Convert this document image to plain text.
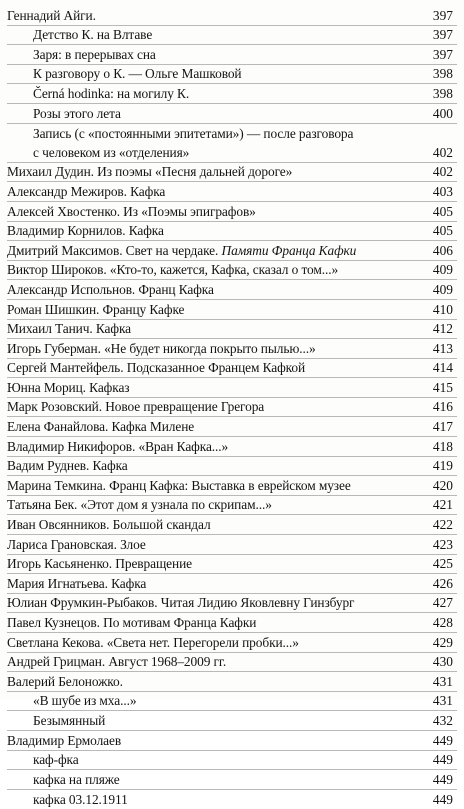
Геннадий Айги.	397
Детство К. на Влтаве	397
Заря: в перерывах сна	397
К разговору о К. — Ольге Машковой	398
Černá hodinka: на могилу К.	398
Розы этого лета	400
Запись (с «постоянными эпитетами») — после разговора
с человеком из «отделения»	402
Михаил Дудин. Из поэмы «Песня дальней дороге»	402
Александр Межиров. Кафка	403
Алексей Хвостенко. Из «Поэмы эпиграфов»	405
Владимир Корнилов. Кафка	405
Дмитрий Максимов. Свет на чердаке. Памяти Франца Кафки	406
Виктор Широков. «Кто-то, кажется, Кафка, сказал о том...»	409
Александр Испольнов. Франц Кафка	409
Роман Шишкин. Францу Кафке	410
Михаил Танич. Кафка	412
Игорь Губерман. «Не будет никогда покрыто пылью...»	413
Сергей Мантейфель. Подсказанное Францем Кафкой	414
Юнна Мориц. Кафказ	415
Марк Розовский. Новое превращение Грегора	416
Елена Фанайлова. Кафка Милене	417
Владимир Никифоров. «Вран Кафка...»	418
Вадим Руднев. Кафка	419
Марина Темкина. Франц Кафка: Выставка в еврейском музее	420
Татьяна Бек. «Этот дом я узнала по скрипам...»	421
Иван Овсянников. Большой скандал	422
Лариса Грановская. Злое	423
Игорь Касьяненко. Превращение	425
Мария Игнатьева. Кафка	426
Юлиан Фрумкин-Рыбаков. Читая Лидию Яковлевну Гинзбург	427
Павел Кузнецов. По мотивам Франца Кафки	428
Светлана Кекова. «Света нет. Перегорели пробки...»	429
Андрей Грицман. Август 1968–2009 гг.	430
Валерий Белоножко.	431
«В шубе из мха...»	431
Безымянный	432
Владимир Ермолаев	449
каф-фка	449
кафка на пляже	449
кафка 03.12.1911	449
